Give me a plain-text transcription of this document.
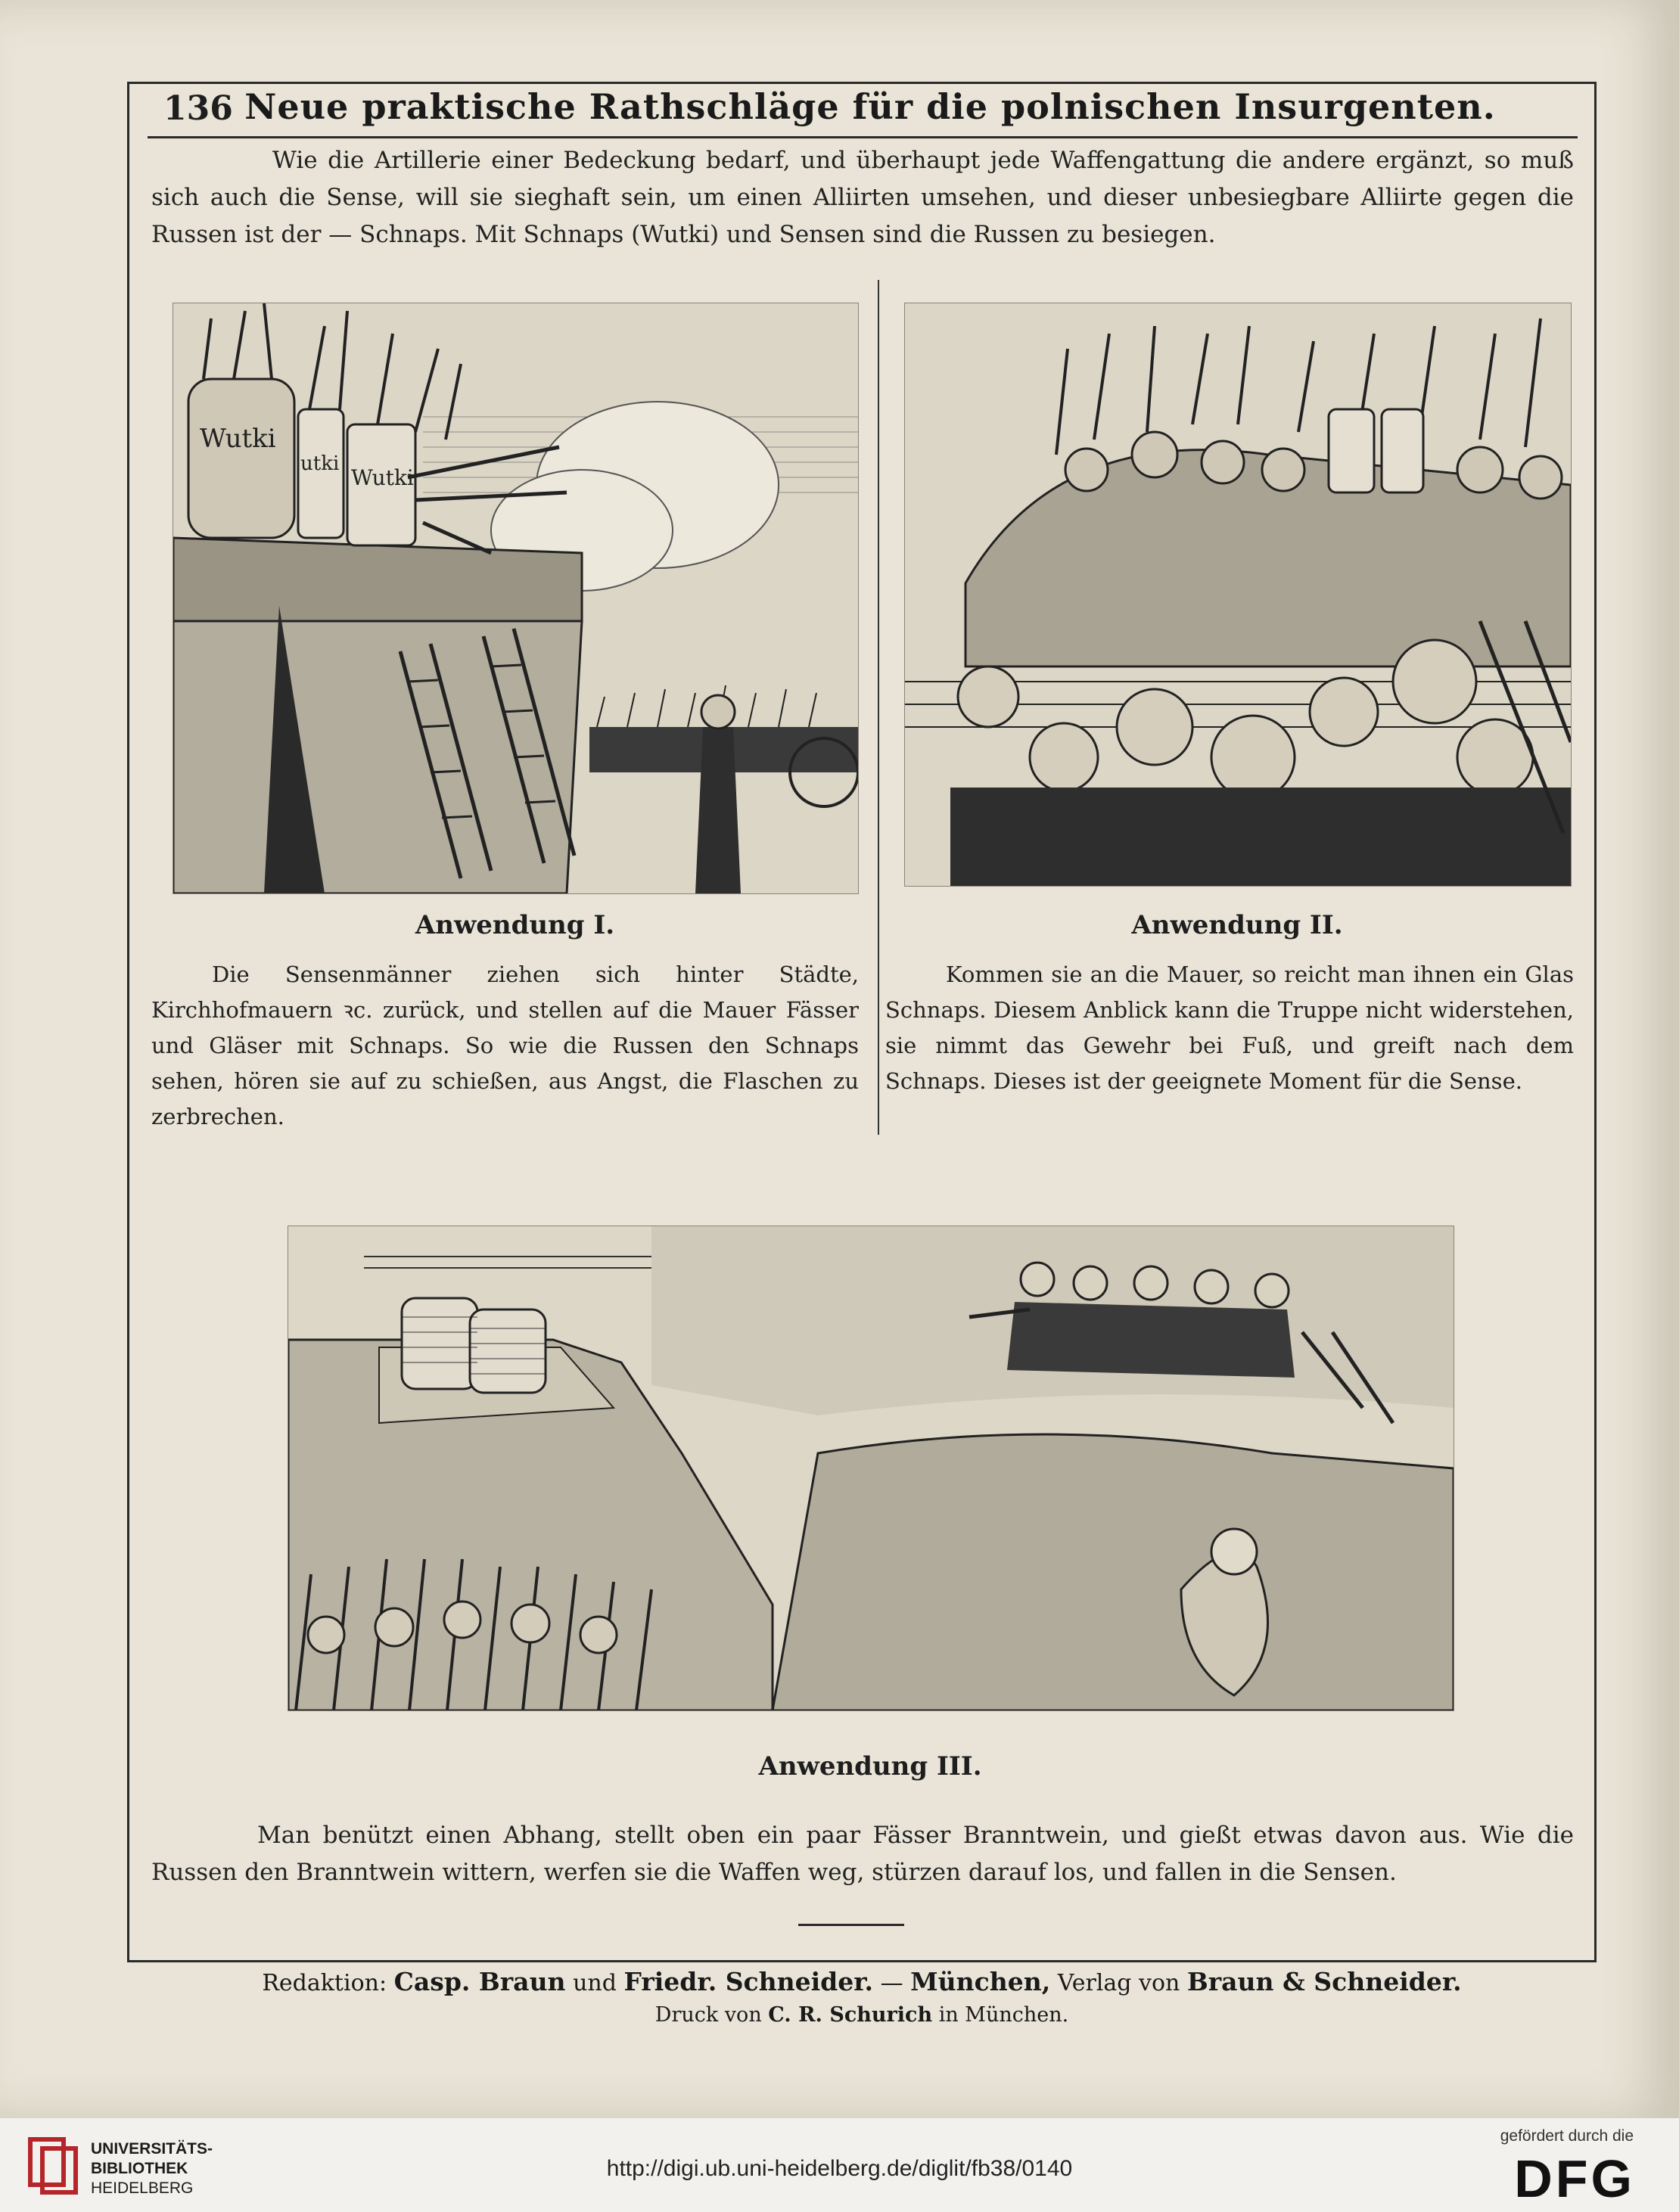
136 Neue praktische Rathschläge für die polnischen Insurgenten.
Wie die Artillerie einer Bedeckung bedarf, und überhaupt jede Waffengattung die andere ergänzt, so muß sich auch die Sense, will sie sieghaft sein, um einen Alliirten umsehen, und dieser unbesiegbare Alliirte gegen die Russen ist der — Schnaps. Mit Schnaps (Wutki) und Sensen sind die Russen zu besiegen.
Wutki
utki
Wutki
Anwendung I.
Die Sensenmänner ziehen sich hinter Städte, Kirchhofmauern ꝛc. zurück, und stellen auf die Mauer Fässer und Gläser mit Schnaps. So wie die Russen den Schnaps sehen, hören sie auf zu schießen, aus Angst, die Flaschen zu zerbrechen.
Anwendung II.
Kommen sie an die Mauer, so reicht man ihnen ein Glas Schnaps. Diesem Anblick kann die Truppe nicht widerstehen, sie nimmt das Gewehr bei Fuß, und greift nach dem Schnaps. Dieses ist der geeignete Moment für die Sense.
Anwendung III.
Man benützt einen Abhang, stellt oben ein paar Fässer Branntwein, und gießt etwas davon aus. Wie die Russen den Branntwein wittern, werfen sie die Waffen weg, stürzen darauf los, und fallen in die Sensen.
Redaktion: Casp. Braun und Friedr. Schneider. — München, Verlag von Braun & Schneider.
Druck von C. R. Schurich in München.
UNIVERSITÄTS-
BIBLIOTHEK
HEIDELBERG
http://digi.ub.uni-heidelberg.de/diglit/fb38/0140
gefördert durch die
DFG
